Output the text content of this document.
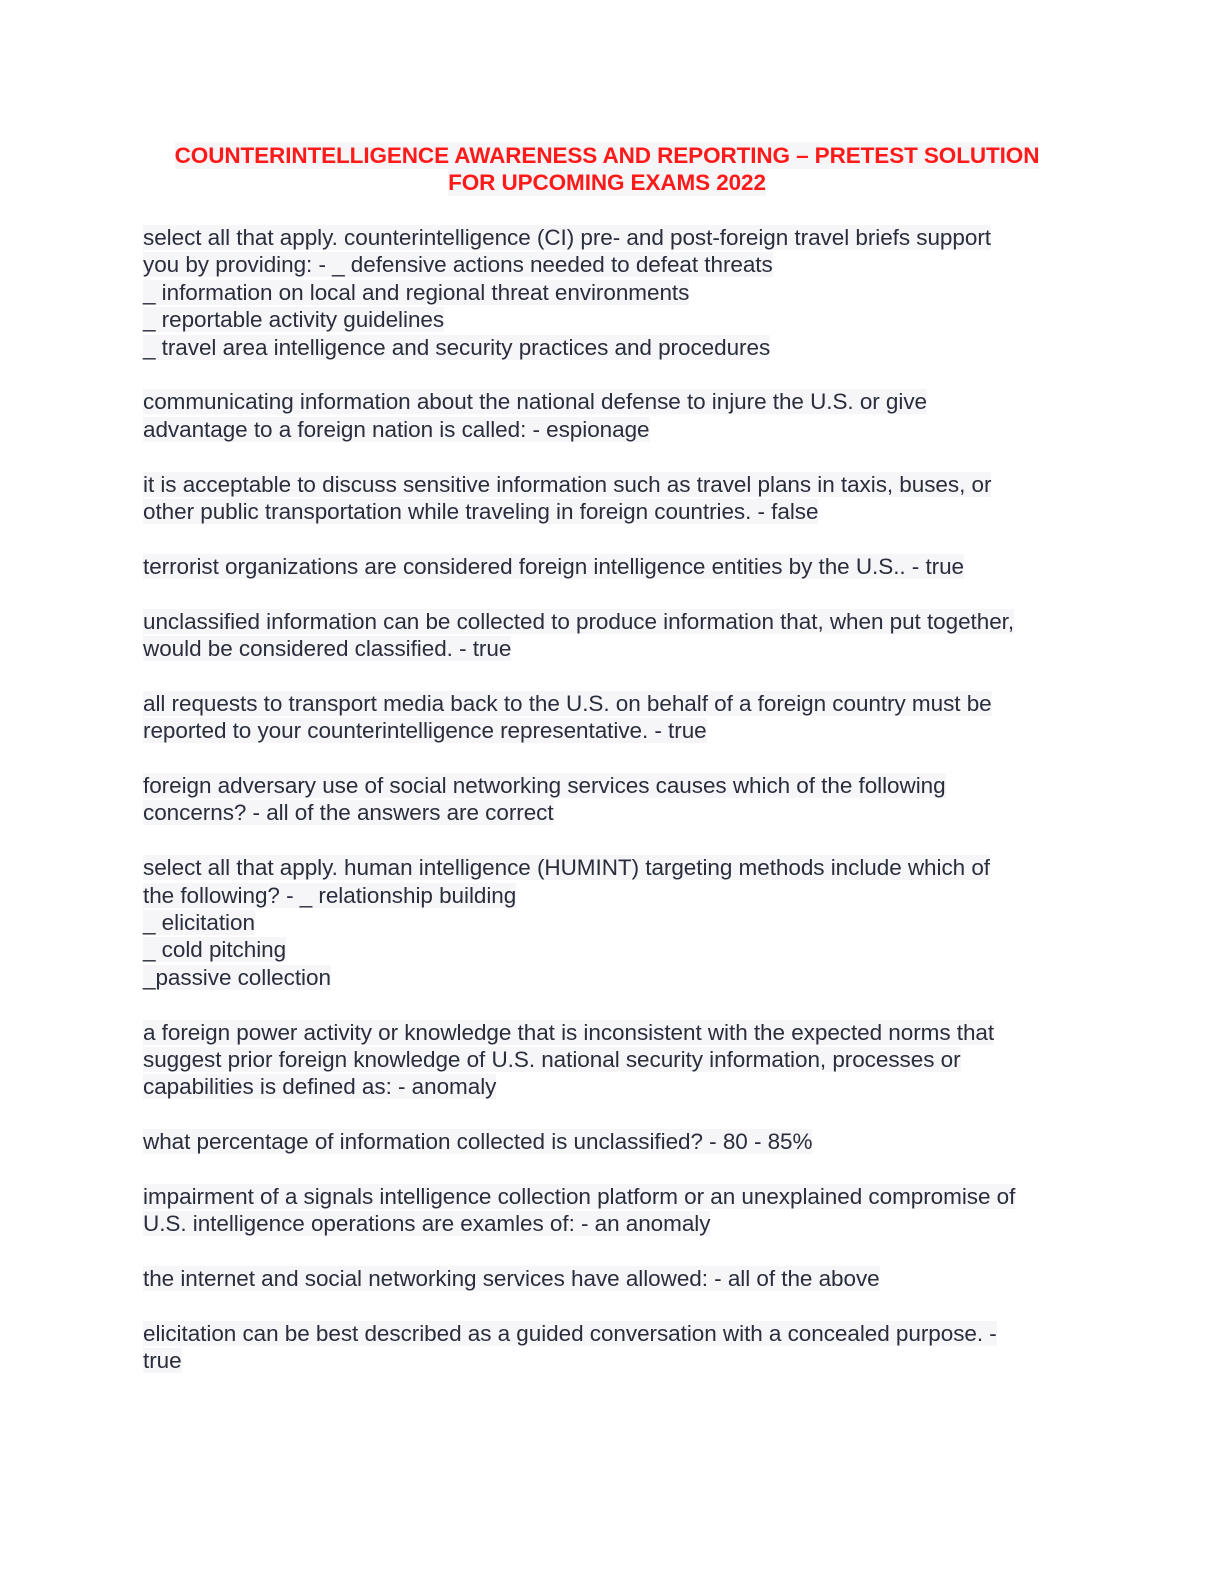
COUNTERINTELLIGENCE AWARENESS AND REPORTING – PRETEST SOLUTION FOR UPCOMING EXAMS 2022

select all that apply. counterintelligence (CI) pre- and post-foreign travel briefs support
you by providing: - _ defensive actions needed to defeat threats
_ information on local and regional threat environments
_ reportable activity guidelines
_ travel area intelligence and security practices and procedures

communicating information about the national defense to injure the U.S. or give
advantage to a foreign nation is called: - espionage

it is acceptable to discuss sensitive information such as travel plans in taxis, buses, or
other public transportation while traveling in foreign countries. - false

terrorist organizations are considered foreign intelligence entities by the U.S.. - true

unclassified information can be collected to produce information that, when put together,
would be considered classified. - true

all requests to transport media back to the U.S. on behalf of a foreign country must be
reported to your counterintelligence representative. - true

foreign adversary use of social networking services causes which of the following
concerns? - all of the answers are correct

select all that apply. human intelligence (HUMINT) targeting methods include which of
the following? - _ relationship building
_ elicitation
_ cold pitching
_passive collection

a foreign power activity or knowledge that is inconsistent with the expected norms that
suggest prior foreign knowledge of U.S. national security information, processes or
capabilities is defined as: - anomaly

what percentage of information collected is unclassified? - 80 - 85%

impairment of a signals intelligence collection platform or an unexplained compromise of
U.S. intelligence operations are examles of: - an anomaly

the internet and social networking services have allowed: - all of the above

elicitation can be best described as a guided conversation with a concealed purpose. -
true
